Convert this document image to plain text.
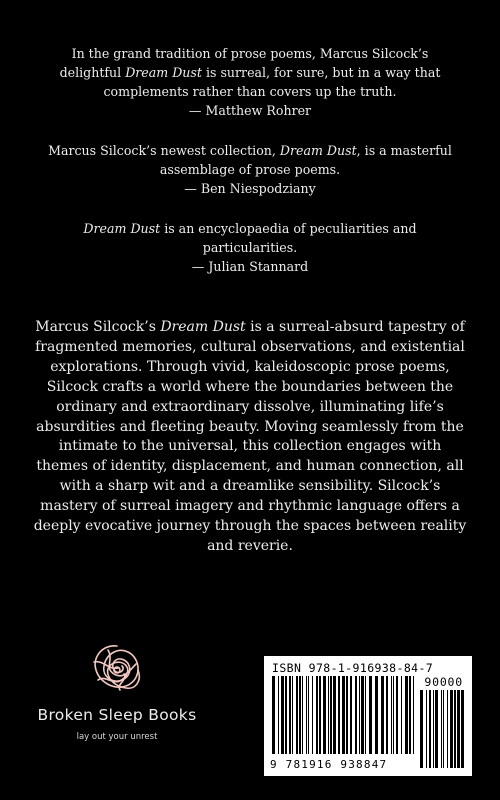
In the grand tradition of prose poems, Marcus Silcock’s delightful Dream Dust is surreal, for sure, but in a way that complements rather than covers up the truth.

— Matthew Rohrer

Marcus Silcock’s newest collection, Dream Dust, is a masterful assemblage of prose poems.

— Ben Niespodziany

Dream Dust is an encyclopaedia of peculiarities and particularities.

— Julian Stannard

Marcus Silcock’s Dream Dust is a surreal-absurd tapestry of fragmented memories, cultural observations, and existential explorations. Through vivid, kaleidoscopic prose poems, Silcock crafts a world where the boundaries between the ordinary and extraordinary dissolve, illuminating life’s absurdities and fleeting beauty. Moving seamlessly from the intimate to the universal, this collection engages with themes of identity, displacement, and human connection, all with a sharp wit and a dreamlike sensibility. Silcock’s mastery of surreal imagery and rhythmic language offers a deeply evocative journey through the spaces between reality and reverie.

Broken Sleep Books
lay out your unrest
ISBN 978-1-916938-84-7
90000
9 781916 938847
